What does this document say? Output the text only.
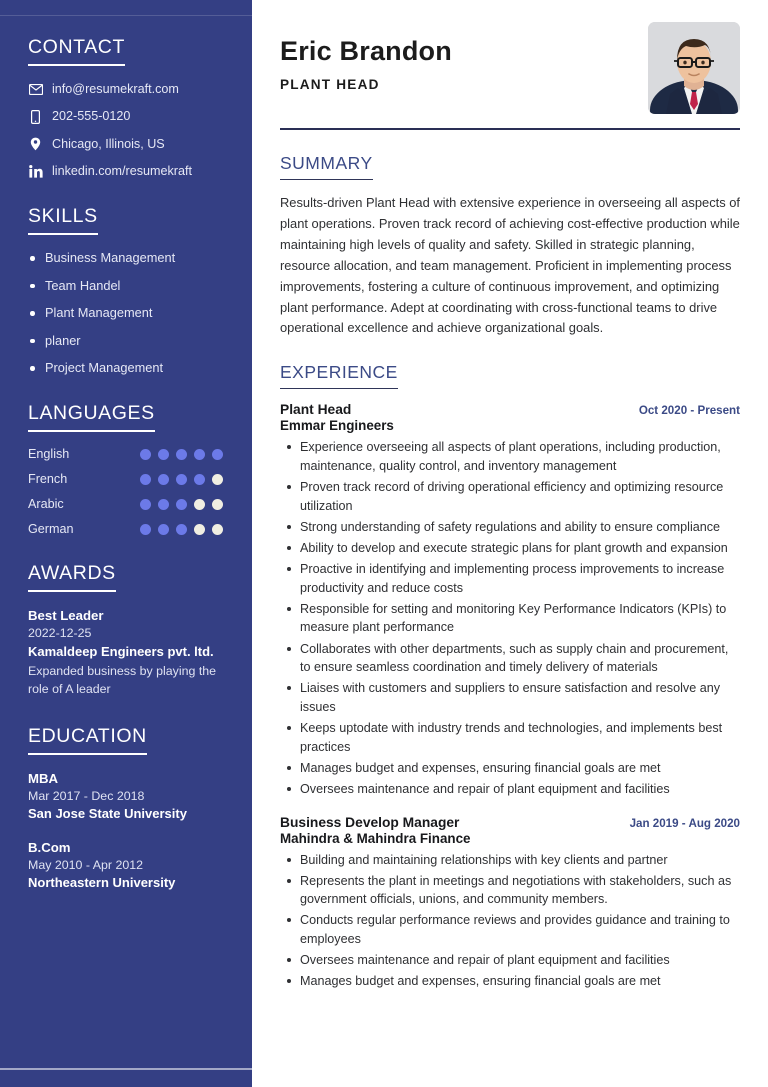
CONTACT
info@resumekraft.com
202-555-0120
Chicago, Illinois, US
linkedin.com/resumekraft
SKILLS
Business Management
Team Handel
Plant Management
planer
Project Management
LANGUAGES
English
French
Arabic
German
AWARDS
Best Leader
2022-12-25
Kamaldeep Engineers pvt. ltd.
Expanded business by playing the role of A leader
EDUCATION
MBA
Mar 2017 - Dec 2018
San Jose State University
B.Com
May 2010 - Apr 2012
Northeastern University
Eric Brandon
PLANT HEAD
SUMMARY

Results-driven Plant Head with extensive experience in overseeing all aspects of plant operations. Proven track record of achieving cost-effective production while maintaining high levels of quality and safety. Skilled in strategic planning, resource allocation, and team management. Proficient in implementing process improvements, fostering a culture of continuous improvement, and optimizing plant performance. Adept at coordinating with cross-functional teams to drive operational excellence and achieve organizational goals.

EXPERIENCE
Plant Head	Oct 2020 - Present
Emmar Engineers
Experience overseeing all aspects of plant operations, including production, maintenance, quality control, and inventory management
Proven track record of driving operational efficiency and optimizing resource utilization
Strong understanding of safety regulations and ability to ensure compliance
Ability to develop and execute strategic plans for plant growth and expansion
Proactive in identifying and implementing process improvements to increase productivity and reduce costs
Responsible for setting and monitoring Key Performance Indicators (KPIs) to measure plant performance
Collaborates with other departments, such as supply chain and procurement, to ensure seamless coordination and timely delivery of materials
Liaises with customers and suppliers to ensure satisfaction and resolve any issues
Keeps uptodate with industry trends and technologies, and implements best practices
Manages budget and expenses, ensuring financial goals are met
Oversees maintenance and repair of plant equipment and facilities
Business Develop Manager	Jan 2019 - Aug 2020
Mahindra & Mahindra Finance
Building and maintaining relationships with key clients and partner
Represents the plant in meetings and negotiations with stakeholders, such as government officials, unions, and community members.
Conducts regular performance reviews and provides guidance and training to employees
Oversees maintenance and repair of plant equipment and facilities
Manages budget and expenses, ensuring financial goals are met
